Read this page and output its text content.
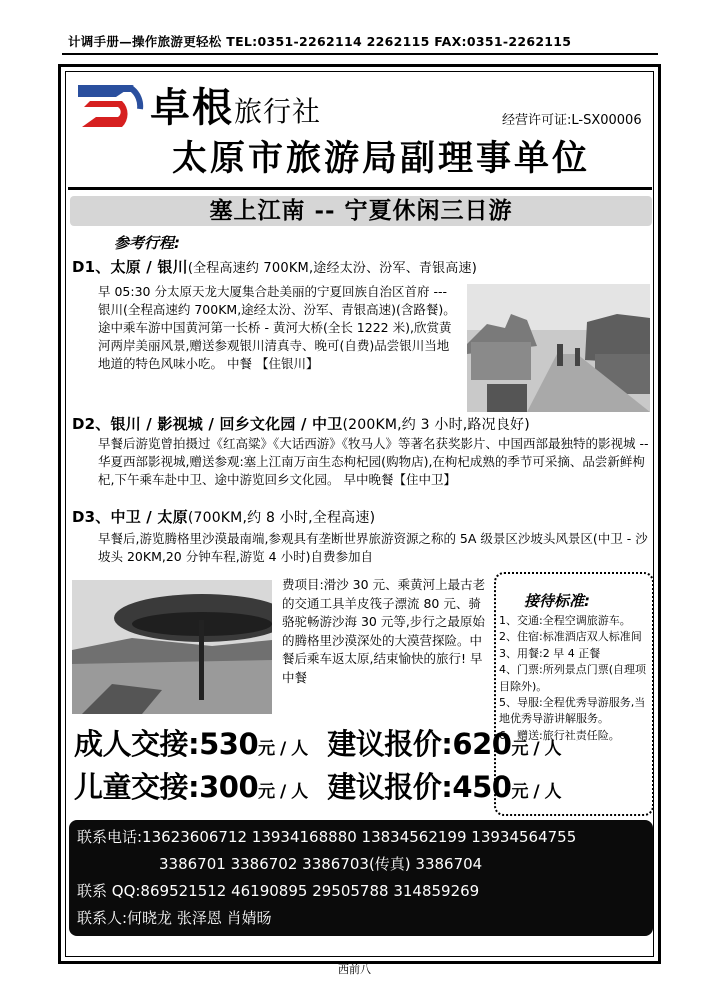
计调手册—操作旅游更轻松 TEL:0351-2262114 2262115 FAX:0351-2262115
卓根旅行社	经营许可证:L-SX00006
太原市旅游局副理事单位
塞上江南 -- 宁夏休闲三日游
参考行程:
D1、太原 / 银川(全程高速约 700KM,途经太汾、汾军、青银高速)
早 05:30 分太原天龙大厦集合赴美丽的宁夏回族自治区首府 --- 银川(全程高速约 700KM,途经太汾、汾军、青银高速)(含路餐)。途中乘车游中国黄河第一长桥 - 黄河大桥(全长 1222 米),欣赏黄河两岸美丽风景,赠送参观银川清真寺、晚可(自费)品尝银川当地地道的特色风味小吃。 中餐 【住银川】
D2、银川 / 影视城 / 回乡文化园 / 中卫(200KM,约 3 小时,路况良好)
早餐后游览曾拍摄过《红高粱》《大话西游》《牧马人》等著名获奖影片、中国西部最独特的影视城 -- 华夏西部影视城,赠送参观:塞上江南万亩生态枸杞园(购物店),在枸杞成熟的季节可采摘、品尝新鲜枸杞,下午乘车赴中卫、途中游览回乡文化园。 早中晚餐【住中卫】
D3、中卫 / 太原(700KM,约 8 小时,全程高速)
早餐后,游览腾格里沙漠最南端,参观具有垄断世界旅游资源之称的 5A 级景区沙坡头风景区(中卫 - 沙坡头 20KM,20 分钟车程,游览 4 小时)自费参加自
费项目:滑沙 30 元、乘黄河上最古老的交通工具羊皮筏子漂流 80 元、骑骆驼畅游沙海 30 元等,步行之最原始的腾格里沙漠深处的大漠营探险。中餐后乘车返太原,结束愉快的旅行! 早中餐
接待标准:
1、交通:全程空调旅游车。
2、住宿:标准酒店双人标准间
3、用餐:2 早 4 正餐
4、门票:所列景点门票(自理项目除外)。
5、导服:全程优秀导游服务,当地优秀导游讲解服务。
6、赠送:旅行社责任险。
成人交接:530元 / 人 建议报价:620元 / 人
儿童交接:300元 / 人 建议报价:450元 / 人
联系电话:13623606712 13934168880 13834562199 13934564755
3386701 3386702 3386703(传真) 3386704
联系 QQ:869521512 46190895 29505788 314859269
联系人:何晓龙 张泽恩 肖婧旸
西前八
